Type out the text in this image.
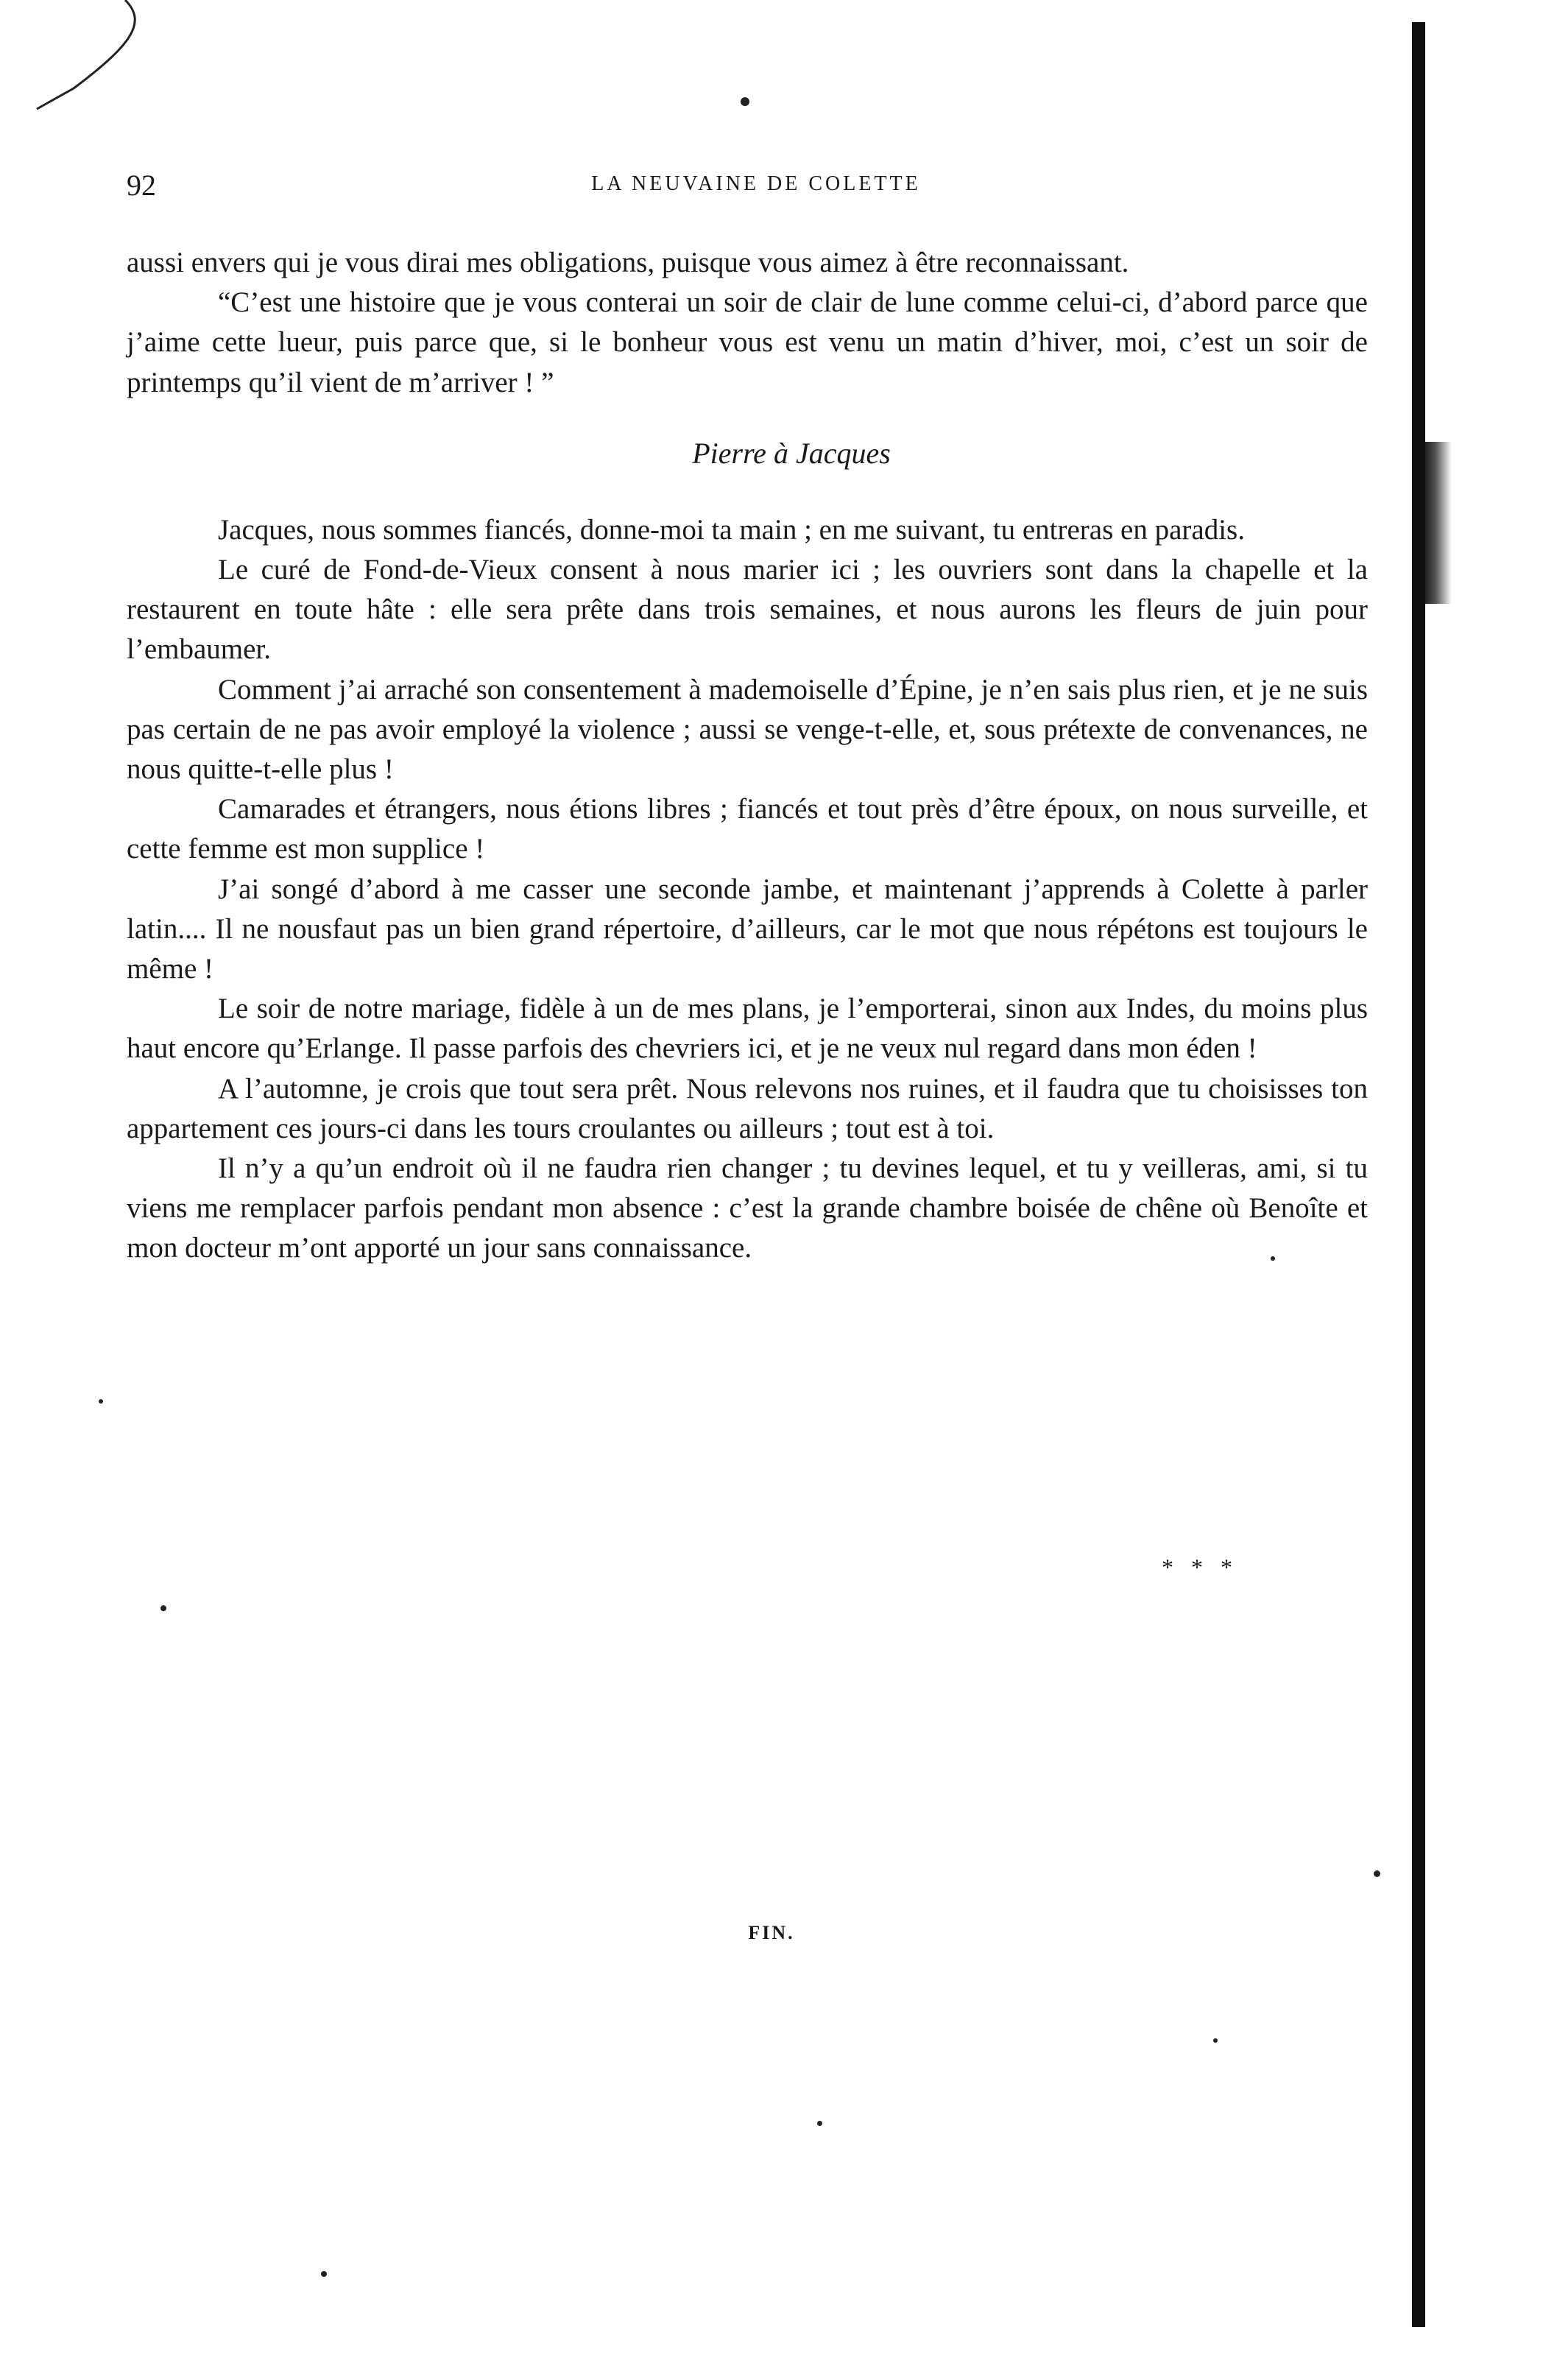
92	LA NEUVAINE DE COLETTE

aussi envers qui je vous dirai mes obligations, puisque vous aimez à être reconnaissant.

“C’est une histoire que je vous conterai un soir de clair de lune comme celui-ci, d’abord parce que j’aime cette lueur, puis parce que, si le bonheur vous est venu un matin d’hiver, moi, c’est un soir de printemps qu’il vient de m’arriver ! ”

Pierre à Jacques

Jacques, nous sommes fiancés, donne-moi ta main ; en me suivant, tu entreras en paradis.

Le curé de Fond-de-Vieux consent à nous marier ici ; les ouvriers sont dans la chapelle et la restaurent en toute hâte : elle sera prête dans trois semaines, et nous aurons les fleurs de juin pour l’embaumer.

Comment j’ai arraché son consentement à mademoiselle d’Épine, je n’en sais plus rien, et je ne suis pas certain de ne pas avoir employé la violence ; aussi se venge-t-elle, et, sous prétexte de convenances, ne nous quitte-t-elle plus !

Camarades et étrangers, nous étions libres ; fiancés et tout près d’être époux, on nous surveille, et cette femme est mon supplice !

J’ai songé d’abord à me casser une seconde jambe, et maintenant j’apprends à Colette à parler latin.... Il ne nousfaut pas un bien grand répertoire, d’ailleurs, car le mot que nous répétons est toujours le même !

Le soir de notre mariage, fidèle à un de mes plans, je l’emporterai, sinon aux Indes, du moins plus haut encore qu’Erlange. Il passe parfois des chevriers ici, et je ne veux nul regard dans mon éden !

A l’automne, je crois que tout sera prêt. Nous relevons nos ruines, et il faudra que tu choisisses ton appartement ces jours-ci dans les tours croulantes ou ailleurs ; tout est à toi.

Il n’y a qu’un endroit où il ne faudra rien changer ; tu devines lequel, et tu y veilleras, ami, si tu viens me remplacer parfois pendant mon absence : c’est la grande chambre boisée de chêne où Benoîte et mon docteur m’ont apporté un jour sans connaissance.

* * *
FIN.
